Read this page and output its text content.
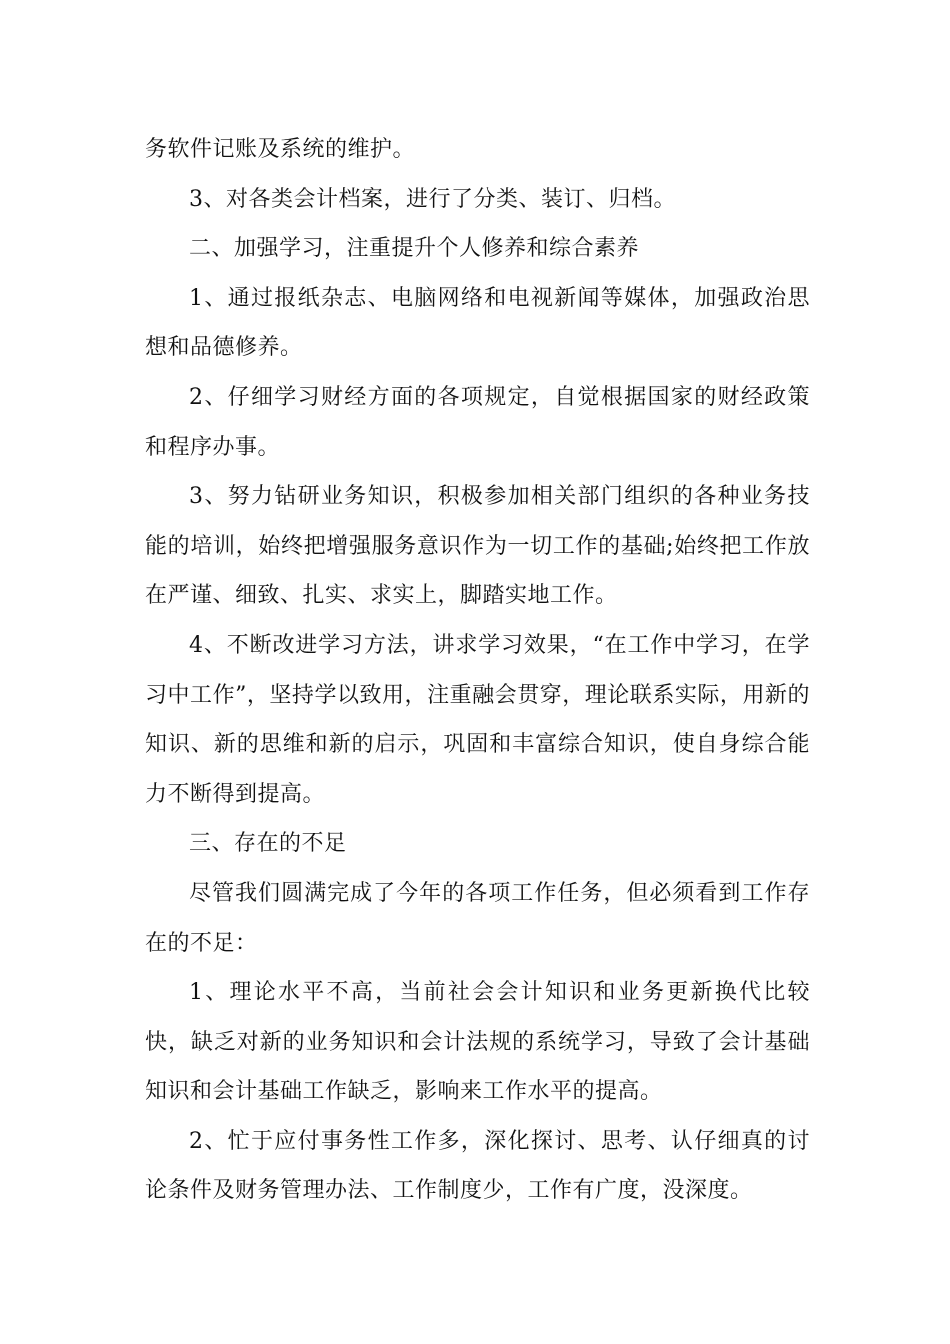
务软件记账及系统的维护。

3、对各类会计档案，进行了分类、装订、归档。

二、加强学习，注重提升个人修养和综合素养

1、通过报纸杂志、电脑网络和电视新闻等媒体，加强政治思想和品德修养。

2、仔细学习财经方面的各项规定，自觉根据国家的财经政策和程序办事。

3、努力钻研业务知识，积极参加相关部门组织的各种业务技能的培训，始终把增强服务意识作为一切工作的基础;始终把工作放在严谨、细致、扎实、求实上，脚踏实地工作。

4、不断改进学习方法，讲求学习效果，“在工作中学习，在学习中工作”，坚持学以致用，注重融会贯穿，理论联系实际，用新的知识、新的思维和新的启示，巩固和丰富综合知识，使自身综合能力不断得到提高。

三、存在的不足

尽管我们圆满完成了今年的各项工作任务，但必须看到工作存在的不足：

1、理论水平不高，当前社会会计知识和业务更新换代比较快，缺乏对新的业务知识和会计法规的系统学习，导致了会计基础知识和会计基础工作缺乏，影响来工作水平的提高。

2、忙于应付事务性工作多，深化探讨、思考、认仔细真的讨论条件及财务管理办法、工作制度少，工作有广度，没深度。
